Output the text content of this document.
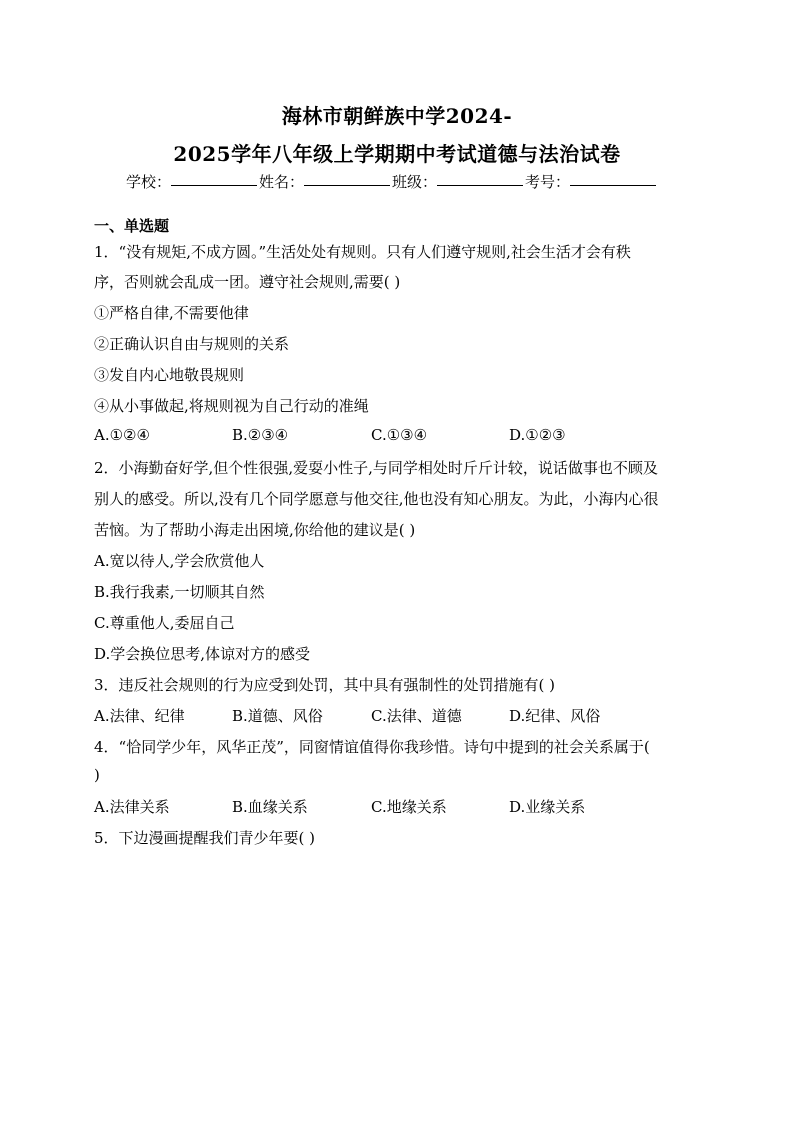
海林市朝鲜族中学2024-
2025学年八年级上学期期中考试道德与法治试卷
学校：	姓名：	班级：	考号：
一、单选题
1．“没有规矩,不成方圆。”生活处处有规则。只有人们遵守规则,社会生活才会有秩
序，否则就会乱成一团。遵守社会规则,需要( )
①严格自律,不需要他律
②正确认识自由与规则的关系
③发自内心地敬畏规则
④从小事做起,将规则视为自己行动的准绳
A.①②④	B.②③④	C.①③④	D.①②③
2．小海勤奋好学,但个性很强,爱耍小性子,与同学相处时斤斤计较，说话做事也不顾及
别人的感受。所以,没有几个同学愿意与他交往,他也没有知心朋友。为此，小海内心很
苦恼。为了帮助小海走出困境,你给他的建议是( )
A.宽以待人,学会欣赏他人
B.我行我素,一切顺其自然
C.尊重他人,委屈自己
D.学会换位思考,体谅对方的感受
3．违反社会规则的行为应受到处罚，其中具有强制性的处罚措施有( )
A.法律、纪律	B.道德、风俗	C.法律、道德	D.纪律、风俗
4．“恰同学少年，风华正茂”，同窗情谊值得你我珍惜。诗句中提到的社会关系属于(
)
A.法律关系	B.血缘关系	C.地缘关系	D.业缘关系
5．下边漫画提醒我们青少年要( )
